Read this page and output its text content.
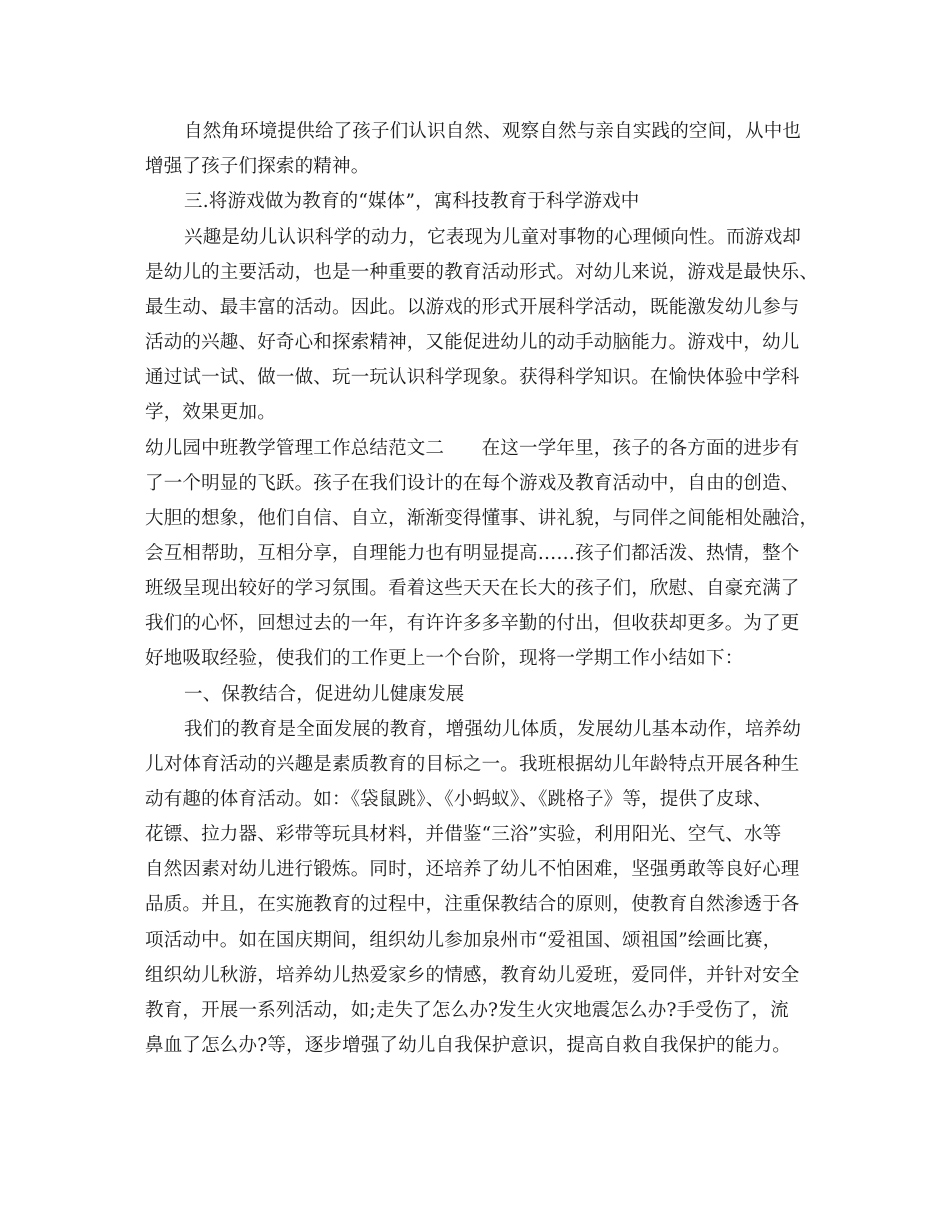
自然角环境提供给了孩子们认识自然、观察自然与亲自实践的空间，从中也
增强了孩子们探索的精神。
三.将游戏做为教育的“媒体”，寓科技教育于科学游戏中
兴趣是幼儿认识科学的动力，它表现为儿童对事物的心理倾向性。而游戏却
是幼儿的主要活动，也是一种重要的教育活动形式。对幼儿来说，游戏是最快乐、
最生动、最丰富的活动。因此。以游戏的形式开展科学活动，既能激发幼儿参与
活动的兴趣、好奇心和探索精神，又能促进幼儿的动手动脑能力。游戏中，幼儿
通过试一试、做一做、玩一玩认识科学现象。获得科学知识。在愉快体验中学科
学，效果更加。
幼儿园中班教学管理工作总结范文二　　在这一学年里，孩子的各方面的进步有
了一个明显的飞跃。孩子在我们设计的在每个游戏及教育活动中，自由的创造、
大胆的想象，他们自信、自立，渐渐变得懂事、讲礼貌，与同伴之间能相处融洽，
会互相帮助，互相分享，自理能力也有明显提高……孩子们都活泼、热情，整个
班级呈现出较好的学习氛围。看着这些天天在长大的孩子们，欣慰、自豪充满了
我们的心怀，回想过去的一年，有许许多多辛勤的付出，但收获却更多。为了更
好地吸取经验，使我们的工作更上一个台阶，现将一学期工作小结如下：
一、保教结合，促进幼儿健康发展
我们的教育是全面发展的教育，增强幼儿体质，发展幼儿基本动作，培养幼
儿对体育活动的兴趣是素质教育的目标之一。我班根据幼儿年龄特点开展各种生
动有趣的体育活动。如：《袋鼠跳》、《小蚂蚁》、《跳格子》等，提供了皮球、
花镖、拉力器、彩带等玩具材料，并借鉴“三浴”实验，利用阳光、空气、水等
自然因素对幼儿进行锻炼。同时，还培养了幼儿不怕困难，坚强勇敢等良好心理
品质。并且，在实施教育的过程中，注重保教结合的原则，使教育自然渗透于各
项活动中。如在国庆期间，组织幼儿参加泉州市“爱祖国、颂祖国”绘画比赛，
组织幼儿秋游，培养幼儿热爱家乡的情感，教育幼儿爱班，爱同伴，并针对安全
教育，开展一系列活动，如;走失了怎么办?发生火灾地震怎么办?手受伤了，流
鼻血了怎么办?等，逐步增强了幼儿自我保护意识，提高自救自我保护的能力。
